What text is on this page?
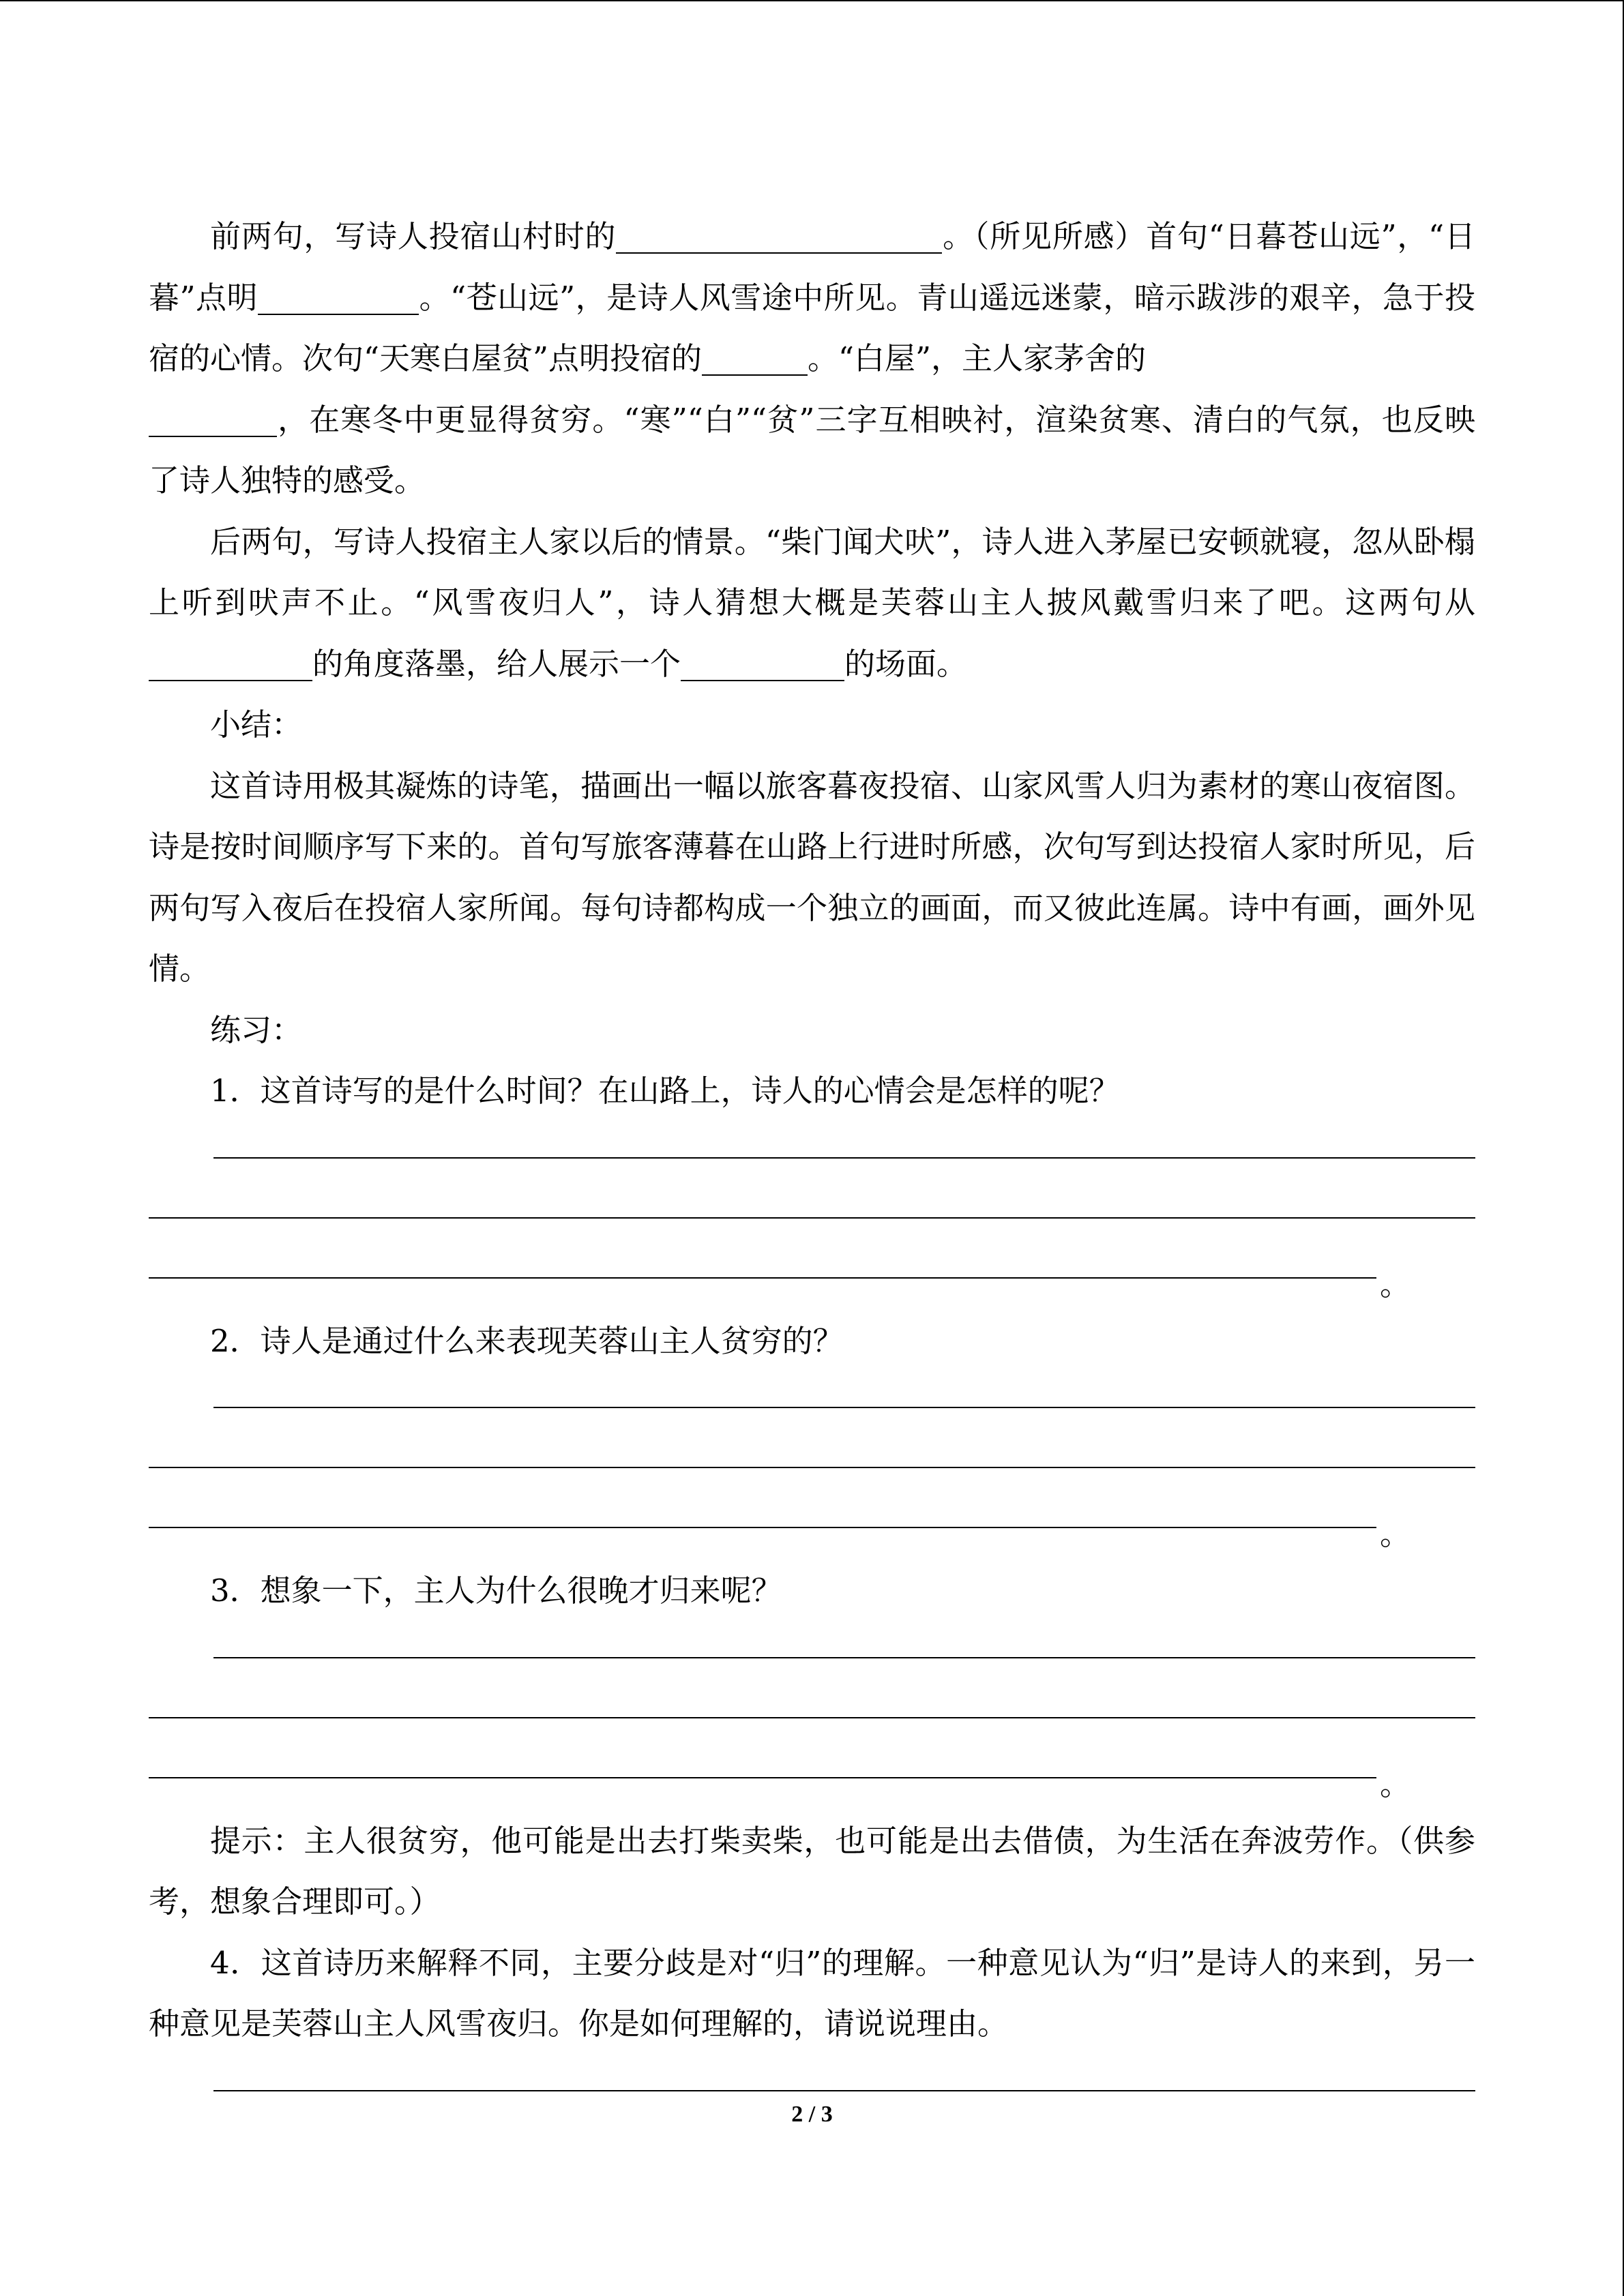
前两句，写诗人投宿山村时的	。（所见所感）首句“日暮苍山远”，“日暮”点明	。“苍山远”，是诗人风雪途中所见。青山遥远迷蒙，暗示跋涉的艰辛，急于投宿的心情。次句“天寒白屋贫”点明投宿的	。“白屋”，主人家茅舍的
，在寒冬中更显得贫穷。“寒”“白”“贫”三字互相映衬，渲染贫寒、清白的气氛，也反映了诗人独特的感受。

后两句，写诗人投宿主人家以后的情景。“柴门闻犬吠”，诗人进入茅屋已安顿就寝，忽从卧榻上听到吠声不止。“风雪夜归人”，诗人猜想大概是芙蓉山主人披风戴雪归来了吧。这两句从的角度落墨，给人展示一个	的场面。

小结：

这首诗用极其凝炼的诗笔，描画出一幅以旅客暮夜投宿、山家风雪人归为素材的寒山夜宿图。诗是按时间顺序写下来的。首句写旅客薄暮在山路上行进时所感，次句写到达投宿人家时所见，后两句写入夜后在投宿人家所闻。每句诗都构成一个独立的画面，而又彼此连属。诗中有画，画外见情。

练习：

1．这首诗写的是什么时间？在山路上，诗人的心情会是怎样的呢？

。

2．诗人是通过什么来表现芙蓉山主人贫穷的？

。

3．想象一下，主人为什么很晚才归来呢？

。

提示：主人很贫穷，他可能是出去打柴卖柴，也可能是出去借债，为生活在奔波劳作。（供参考，想象合理即可。）

4．这首诗历来解释不同，主要分歧是对“归”的理解。一种意见认为“归”是诗人的来到，另一种意见是芙蓉山主人风雪夜归。你是如何理解的，请说说理由。

2 / 3
